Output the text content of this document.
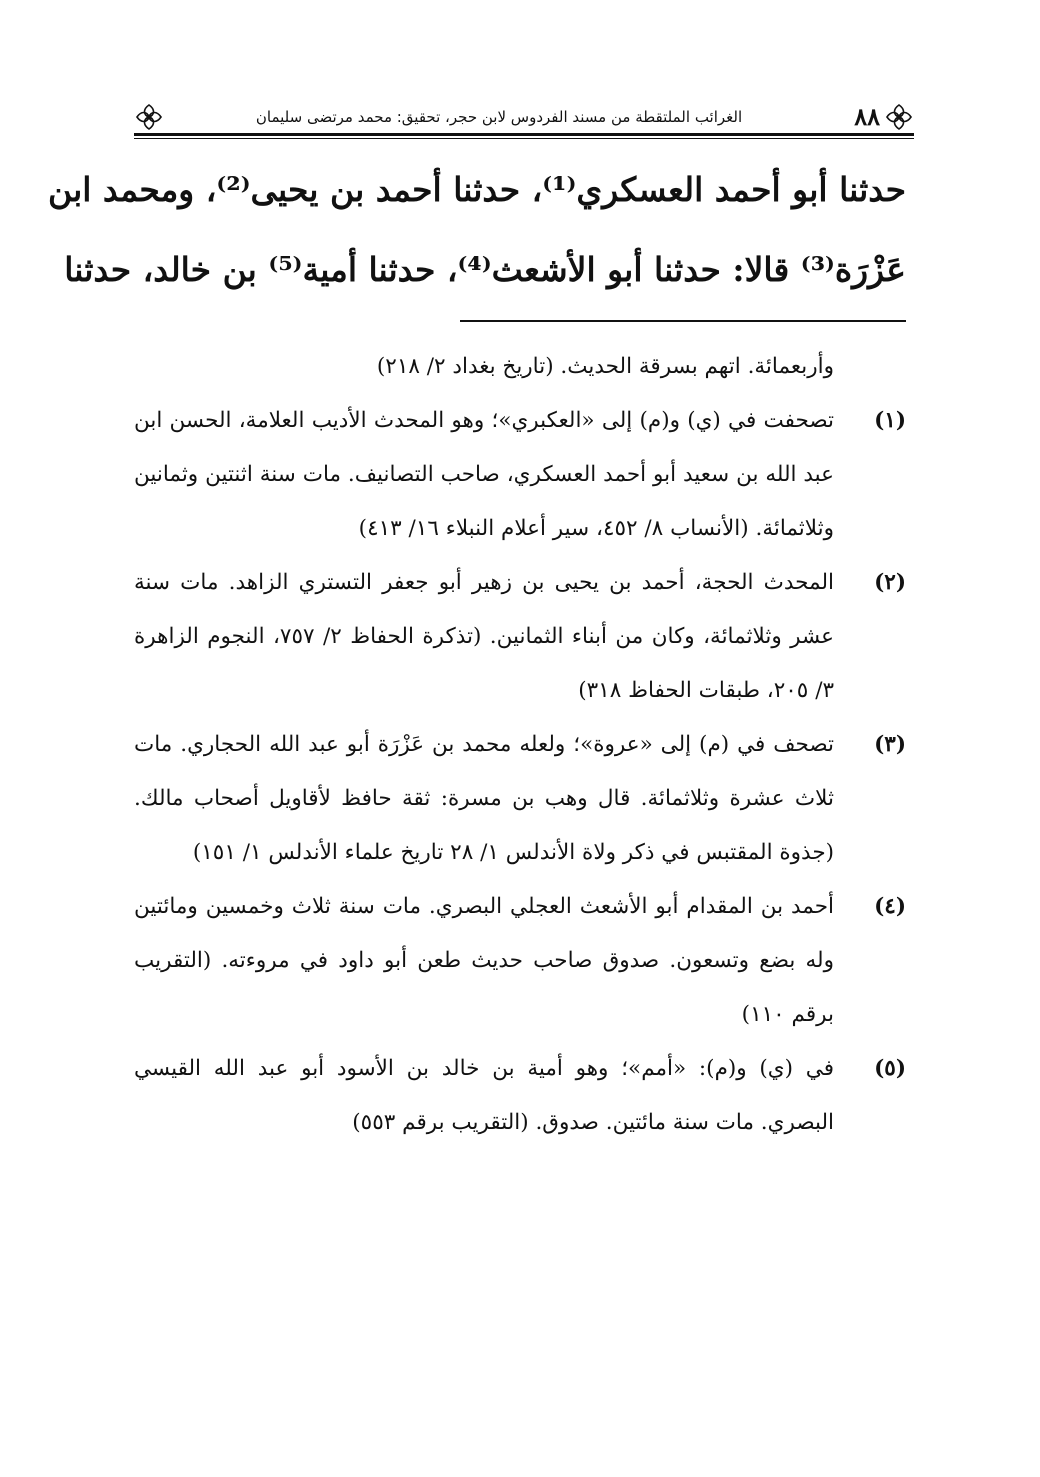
٨٨
الغرائب الملتقطة من مسند الفردوس لابن حجر، تحقيق: محمد مرتضى سليمان
حدثنا أبو أحمد العسكري⁽¹⁾، حدثنا أحمد بن يحيى⁽²⁾، ومحمد ابن
عَزْرَة⁽³⁾ قالا: حدثنا أبو الأشعث⁽⁴⁾، حدثنا أمية⁽⁵⁾ بن خالد، حدثنا
وأربعمائة. اتهم بسرقة الحديث. (تاريخ بغداد ٢/ ٢١٨)
(١)
تصحفت في (ي) و(م) إلى «العكبري»؛ وهو المحدث الأديب العلامة، الحسن ابن عبد الله بن سعيد أبو أحمد العسكري، صاحب التصانيف. مات سنة اثنتين وثمانين وثلاثمائة. (الأنساب ٨/ ٤٥٢، سير أعلام النبلاء ١٦/ ٤١٣)
(٢)
المحدث الحجة، أحمد بن يحيى بن زهير أبو جعفر التستري الزاهد. مات سنة عشر وثلاثمائة، وكان من أبناء الثمانين. (تذكرة الحفاظ ٢/ ٧٥٧، النجوم الزاهرة ٣/ ٢٠٥، طبقات الحفاظ ٣١٨)
(٣)
تصحف في (م) إلى «عروة»؛ ولعله محمد بن عَزْرَة أبو عبد الله الحجاري. مات ثلاث عشرة وثلاثمائة. قال وهب بن مسرة: ثقة حافظ لأقاويل أصحاب مالك. (جذوة المقتبس في ذكر ولاة الأندلس ١/ ٢٨ تاريخ علماء الأندلس ١/ ١٥١)
(٤)
أحمد بن المقدام أبو الأشعث العجلي البصري. مات سنة ثلاث وخمسين ومائتين وله بضع وتسعون. صدوق صاحب حديث طعن أبو داود في مروءته. (التقريب برقم ١١٠)
(٥)
في (ي) و(م): «أمم»؛ وهو أمية بن خالد بن الأسود أبو عبد الله القيسي البصري. مات سنة مائتين. صدوق. (التقريب برقم ٥٥٣)
